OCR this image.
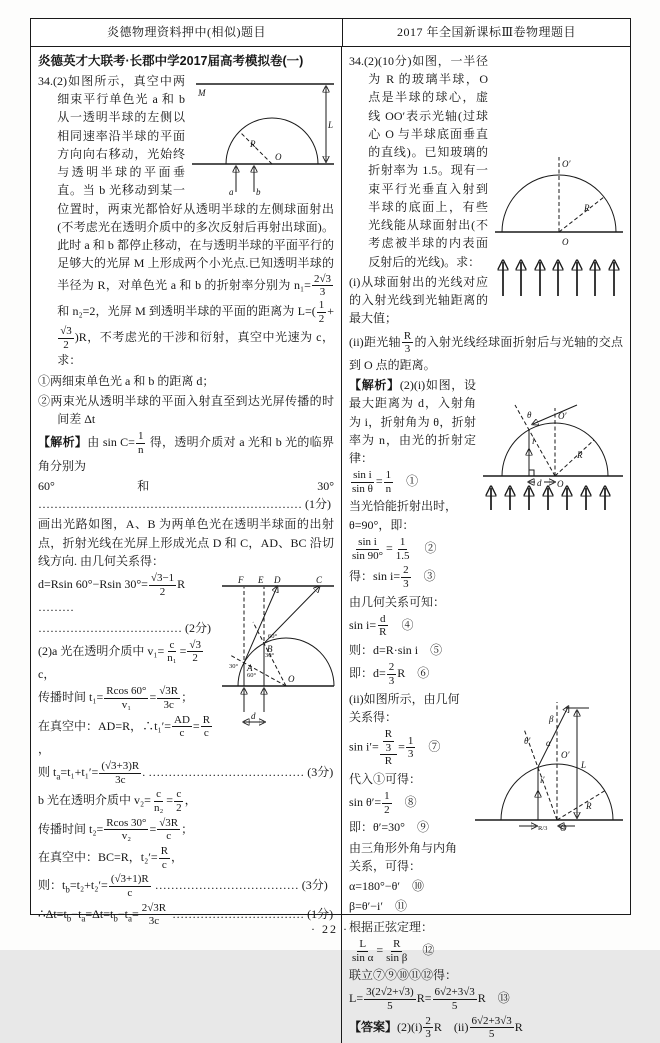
炎德物理资料押中(相似)题目	2017 年全国新课标Ⅲ卷物理题目
炎德英才大联考·长郡中学2017届高考模拟卷(一)
M
R
O
a	b
L
34.(2)如图所示，真空中两细束平行单色光 a 和 b 从一透明半球的左侧以相同速率沿半球的平面方向向右移动，光始终与透明半球的平面垂直。当 b 光移动到某一位置时，两束光都恰好从透明半球的左侧球面射出(不考虑光在透明介质中的多次反射后再射出球面)。此时 a 和 b 都停止移动，在与透明半球的平面平行的足够大的光屏 M 上形成两个小光点.已知透明半球的半径为 R，对单色光 a 和 b 的折射率分别为 $n_1= \frac{2√3}{3}$
和 n₂=2，光屏 M 到透明半球的平面的距离为 $L=( \frac{1}{2}$ +
$\frac{√3}{2} )R$，不考虑光的干涉和衍射，真空中光速为 c，求：
①两细束单色光 a 和 b 的距离 d；
②两束光从透明半球的平面入射直至到达光屏传播的时间差 Δt
【解析】由 $\sin C= \frac{1}{n}$ 得，透明介质对 a 光和 b 光的临界角分别为
60°和 30° ………………………………………………………… (1分)
画出光路如图，A、B 为两单色光在透明半球面的出射点，折射光线在光屏上形成光点 D 和 C，AD、BC 沿切线方向. 由几何关系得：
F E D	C
A
B
O
30°
60°
60°
30°
d
d=Rsin 60°−Rsin $30^\circ= \frac{√3-1}{2}$ R ………
……………………………… (2分)
(2)a 光在透明介质中 $v_1= \frac{c}{\text{n₁}} = \frac{√3}{2}$
c，
传播时间 $t_1= \frac{Rcos 60^\circ}{\text{v₁}} = \frac{√3R}{3c}$ ；
在真空中：AD=R，∴t₁′= $\frac{AD}{c} = \frac{R}{c}$
，
则 $t_a=t_1+t_1'= \frac{(√3+3)R}{3c}$ . ………………………………… (3分)
b 光在透明介质中 $v_2= \frac{c}{\text{n₂}} = \frac{c}{2}$ ，
传播时间 $t_2= \frac{Rcos 30^\circ}{\text{v₂}} = \frac{√3R}{c}$ ；
在真空中：BC=R，$t_2'= \frac{R}{c}$ ，
则：$t_b=t_2+t_2'= \frac{(√3+1)R}{c}$ ……………………………… (3分)
$\therefore\Delta t=t_b-t_a=\Delta t=t_b-t_a= \frac{2√3R}{3c}$ …………………………… (1分)
O′
R
O
34.(2)(10分)如图，一半径为 R 的玻璃半球，O 点是半球的球心，虚线 OO′表示光轴(过球心 O 与半球底面垂直的直线)。已知玻璃的折射率为 1.5。现有一束平行光垂直入射到半球的底面上，有些光线能从球面射出(不考虑被半球的内表面反射后的光线)。求：
(i)从球面射出的光线对应的入射光线到光轴距离的最大值；
(ii)距光轴 $\frac{R}{3}$ 的入射光线经球面折射后与光轴的交点到 O 点的距离。
O′
R
θ
i
d O
【解析】(2)(i)如图，设最大距离为 d，入射角为 i，折射角为 θ，折射率为 n，由光的折射定律：
$\frac{\text{sin i}}{\text{sin θ}} = \frac{1}{n}$ 　①
当光恰能折射出时，θ=90°，即：
$\frac{\text{sin i}}{\sin 90^\circ} = \frac{1}{1.5}$ 　②
得：$\sin i= \frac{2}{3}$ 　③
由几何关系可知：
$\sin i= \frac{d}{R}$ 　④
则：d=R·sin i　⑤
即：$d= \frac{2}{3}$ R　⑥
L
θ′
β
α
O′
i′
R
R/3 O
(ii)如图所示，由几何关系得：
$\sin i'= \frac{\frac{R}{3}}{R} = \frac{1}{3}$ 　⑦
代入①可得：
$\sin \theta'= \frac{1}{2}$ 　⑧
即：θ′=30°　⑨
由三角形外角与内角关系，可得：
α=180°−θ′　⑩
β=θ′−i′　⑪
根据正弦定理：
$\frac{L}{\text{sin α}} = \frac{R}{\text{sin β}}$ 　⑫
联立⑦⑨⑩⑪⑫得：
$L= \frac{3(2√2+√3)}{5} R= \frac{6√2+3√3}{5}$ R　⑬
【答案】$(2)(i) \frac{2}{3}$ R　$(ii) \frac{6√2+3√3}{5}$ R
· 22 ·
